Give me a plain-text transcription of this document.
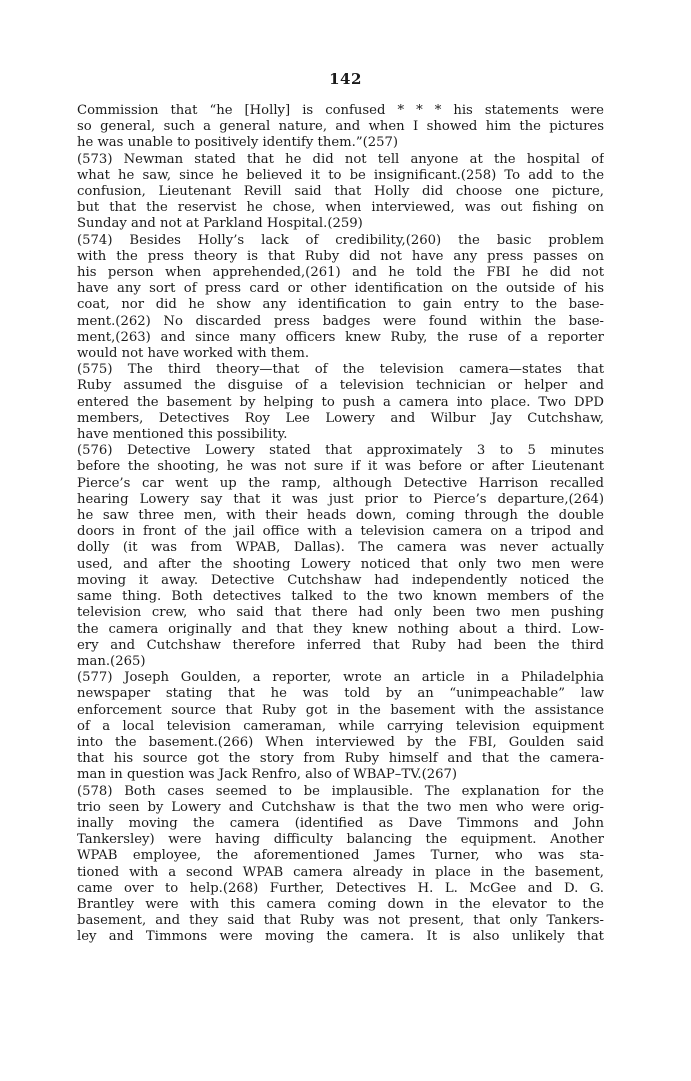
142
Commission that “he [Holly] is confused * * * his statements were
so general, such a general nature, and when I showed him the pictures
he was unable to positively identify them.”(257)
(573) Newman stated that he did not tell anyone at the hospital of
what he saw, since he believed it to be insignificant.(258) To add to the
confusion, Lieutenant Revill said that Holly did choose one picture,
but that the reservist he chose, when interviewed, was out fishing on
Sunday and not at Parkland Hospital.(259)
(574) Besides Holly’s lack of credibility,(260) the basic problem
with the press theory is that Ruby did not have any press passes on
his person when apprehended,(261) and he told the FBI he did not
have any sort of press card or other identification on the outside of his
coat, nor did he show any identification to gain entry to the base-
ment.(262) No discarded press badges were found within the base-
ment,(263) and since many officers knew Ruby, the ruse of a reporter
would not have worked with them.
(575) The third theory—that of the television camera—states that
Ruby assumed the disguise of a television technician or helper and
entered the basement by helping to push a camera into place. Two DPD
members, Detectives Roy Lee Lowery and Wilbur Jay Cutchshaw,
have mentioned this possibility.
(576) Detective Lowery stated that approximately 3 to 5 minutes
before the shooting, he was not sure if it was before or after Lieutenant
Pierce’s car went up the ramp, although Detective Harrison recalled
hearing Lowery say that it was just prior to Pierce’s departure,(264)
he saw three men, with their heads down, coming through the double
doors in front of the jail office with a television camera on a tripod and
dolly (it was from WPAB, Dallas). The camera was never actually
used, and after the shooting Lowery noticed that only two men were
moving it away. Detective Cutchshaw had independently noticed the
same thing. Both detectives talked to the two known members of the
television crew, who said that there had only been two men pushing
the camera originally and that they knew nothing about a third. Low-
ery and Cutchshaw therefore inferred that Ruby had been the third
man.(265)
(577) Joseph Goulden, a reporter, wrote an article in a Philadelphia
newspaper stating that he was told by an “unimpeachable” law
enforcement source that Ruby got in the basement with the assistance
of a local television cameraman, while carrying television equipment
into the basement.(266) When interviewed by the FBI, Goulden said
that his source got the story from Ruby himself and that the camera-
man in question was Jack Renfro, also of WBAP–TV.(267)
(578) Both cases seemed to be implausible. The explanation for the
trio seen by Lowery and Cutchshaw is that the two men who were orig-
inally moving the camera (identified as Dave Timmons and John
Tankersley) were having difficulty balancing the equipment. Another
WPAB employee, the aforementioned James Turner, who was sta-
tioned with a second WPAB camera already in place in the basement,
came over to help.(268) Further, Detectives H. L. McGee and D. G.
Brantley were with this camera coming down in the elevator to the
basement, and they said that Ruby was not present, that only Tankers-
ley and Timmons were moving the camera. It is also unlikely that
